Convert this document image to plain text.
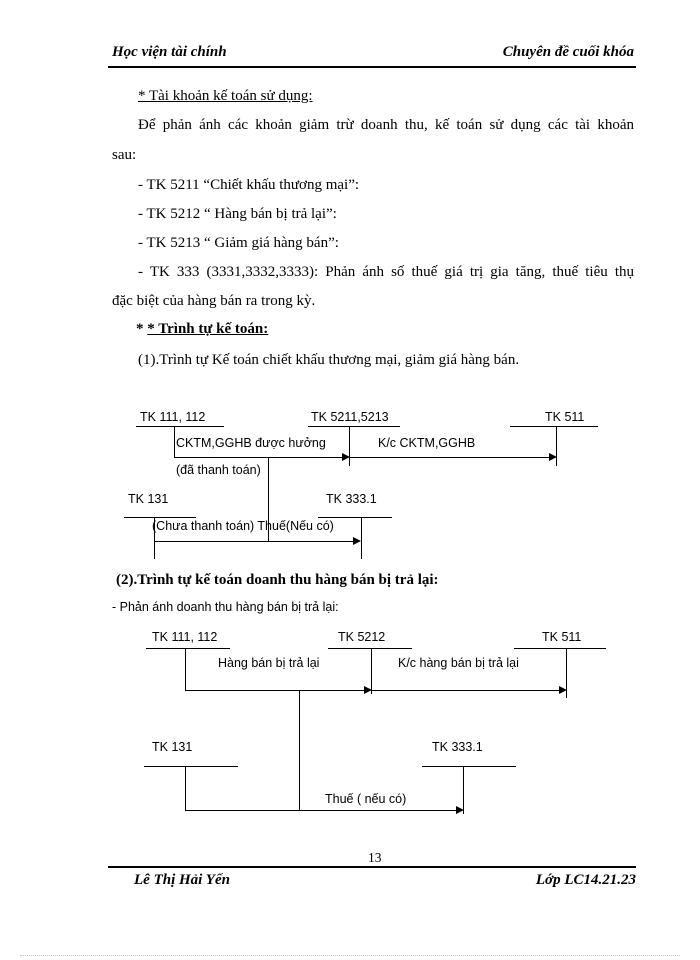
Học viện tài chính	Chuyên đề cuối khóa
* Tài khoản kế toán sử dụng:
Để phản ánh các khoản giảm trừ doanh thu, kế toán sử dụng các tài khoản
sau:
- TK 5211 “Chiết khấu thương mại”:
- TK 5212 “ Hàng bán bị trả lại”:
- TK 5213 “ Giảm giá hàng bán”:
- TK 333 (3331,3332,3333): Phản ánh số thuế giá trị gia tăng, thuế tiêu thụ
đặc biệt của hàng bán ra trong kỳ.
* * Trình tự kế toán:
(1).Trình tự Kế toán chiết khấu thương mại, giảm giá hàng bán.
TK 111, 112	TK 5211,5213	TK 511
CKTM,GGHB được hưởng	K/c CKTM,GGHB
(đã thanh toán)
TK 131	TK 333.1
(Chưa thanh toán) Thuế(Nếu có)
(2).Trình tự kế toán doanh thu hàng bán bị trả lại:
- Phản ánh doanh thu hàng bán bị trả lại:
TK 111, 112	TK 5212	TK 511
Hàng bán bị trả lại	K/c hàng bán bị trả lại
TK 131	TK 333.1
Thuế ( nếu có)
13
Lê Thị Hải Yến	Lớp LC14.21.23
